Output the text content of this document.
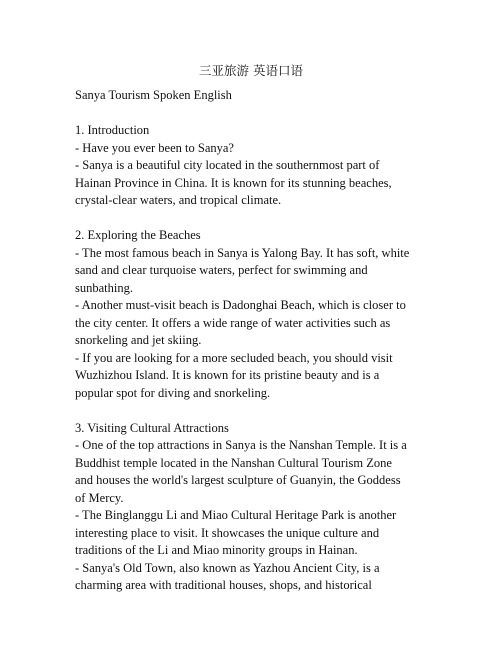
三亚旅游 英语口语

Sanya Tourism Spoken English

1. Introduction

- Have you ever been to Sanya?

- Sanya is a beautiful city located in the southernmost part of Hainan Province in China. It is known for its stunning beaches, crystal-clear waters, and tropical climate.

2. Exploring the Beaches

- The most famous beach in Sanya is Yalong Bay. It has soft, white sand and clear turquoise waters, perfect for swimming and sunbathing.

- Another must-visit beach is Dadonghai Beach, which is closer to the city center. It offers a wide range of water activities such as snorkeling and jet skiing.

- If you are looking for a more secluded beach, you should visit Wuzhizhou Island. It is known for its pristine beauty and is a popular spot for diving and snorkeling.

3. Visiting Cultural Attractions

- One of the top attractions in Sanya is the Nanshan Temple. It is a Buddhist temple located in the Nanshan Cultural Tourism Zone and houses the world's largest sculpture of Guanyin, the Goddess of Mercy.

- The Binglanggu Li and Miao Cultural Heritage Park is another interesting place to visit. It showcases the unique culture and traditions of the Li and Miao minority groups in Hainan.

- Sanya's Old Town, also known as Yazhou Ancient City, is a charming area with traditional houses, shops, and historical
